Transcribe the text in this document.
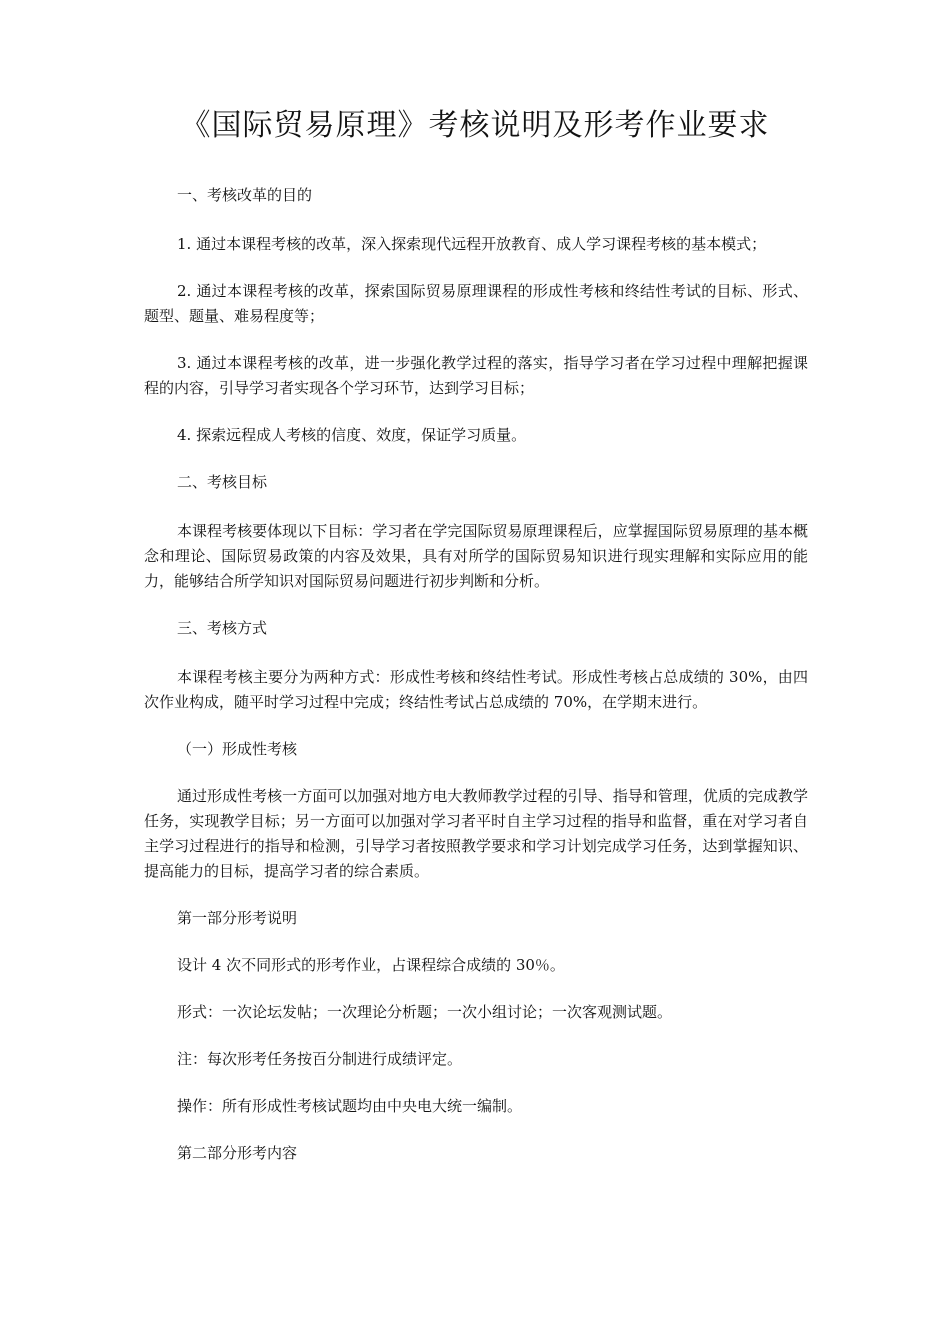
《国际贸易原理》考核说明及形考作业要求

一、考核改革的目的

1. 通过本课程考核的改革，深入探索现代远程开放教育、成人学习课程考核的基本模式；

2. 通过本课程考核的改革，探索国际贸易原理课程的形成性考核和终结性考试的目标、形式、题型、题量、难易程度等；

3. 通过本课程考核的改革，进一步强化教学过程的落实，指导学习者在学习过程中理解把握课程的内容，引导学习者实现各个学习环节，达到学习目标；

4. 探索远程成人考核的信度、效度，保证学习质量。

二、考核目标

本课程考核要体现以下目标：学习者在学完国际贸易原理课程后，应掌握国际贸易原理的基本概念和理论、国际贸易政策的内容及效果，具有对所学的国际贸易知识进行现实理解和实际应用的能力，能够结合所学知识对国际贸易问题进行初步判断和分析。

三、考核方式

本课程考核主要分为两种方式：形成性考核和终结性考试。形成性考核占总成绩的 30%，由四次作业构成，随平时学习过程中完成；终结性考试占总成绩的 70%，在学期末进行。

（一）形成性考核

通过形成性考核一方面可以加强对地方电大教师教学过程的引导、指导和管理，优质的完成教学任务，实现教学目标；另一方面可以加强对学习者平时自主学习过程的指导和监督，重在对学习者自主学习过程进行的指导和检测，引导学习者按照教学要求和学习计划完成学习任务，达到掌握知识、提高能力的目标，提高学习者的综合素质。

第一部分形考说明

设计 4 次不同形式的形考作业，占课程综合成绩的 30％。

形式：一次论坛发帖；一次理论分析题；一次小组讨论；一次客观测试题。

注：每次形考任务按百分制进行成绩评定。

操作：所有形成性考核试题均由中央电大统一编制。

第二部分形考内容
